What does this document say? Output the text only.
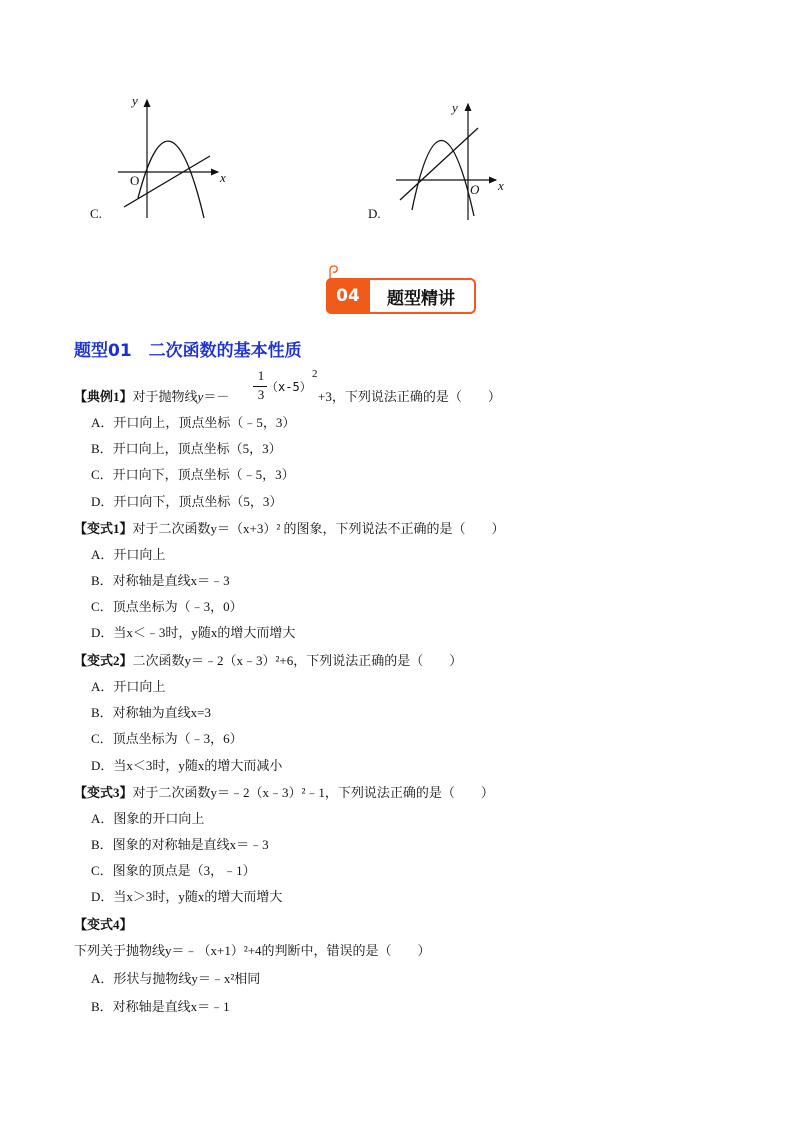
O	x
y
C.
O x
y
D.
04	题型精讲
题型01　二次函数的基本性质
【典例1】对于抛物线y＝－
1
3 （x-5）
2
+3，下列说法正确的是（　　）
A．开口向上，顶点坐标（﹣5，3）
B．开口向上，顶点坐标（5，3）
C．开口向下，顶点坐标（﹣5，3）
D．开口向下，顶点坐标（5，3）
【变式1】对于二次函数y＝（x+3）² 的图象，下列说法不正确的是（　　）
A．开口向上
B．对称轴是直线x＝﹣3
C．顶点坐标为（﹣3，0）
D．当x＜﹣3时，y随x的增大而增大
【变式2】二次函数y＝﹣2（x﹣3）²+6，下列说法正确的是（　　）
A．开口向上
B．对称轴为直线x=3
C．顶点坐标为（﹣3，6）
D．当x＜3时，y随x的增大而减小
【变式3】对于二次函数y＝﹣2（x﹣3）²﹣1，下列说法正确的是（　　）
A．图象的开口向上
B．图象的对称轴是直线x＝﹣3
C．图象的顶点是（3，﹣1）
D．当x＞3时，y随x的增大而增大
【变式4】
下列关于抛物线y＝﹣（x+1）²+4的判断中，错误的是（　　）
A．形状与抛物线y＝﹣x²相同
B．对称轴是直线x＝﹣1
